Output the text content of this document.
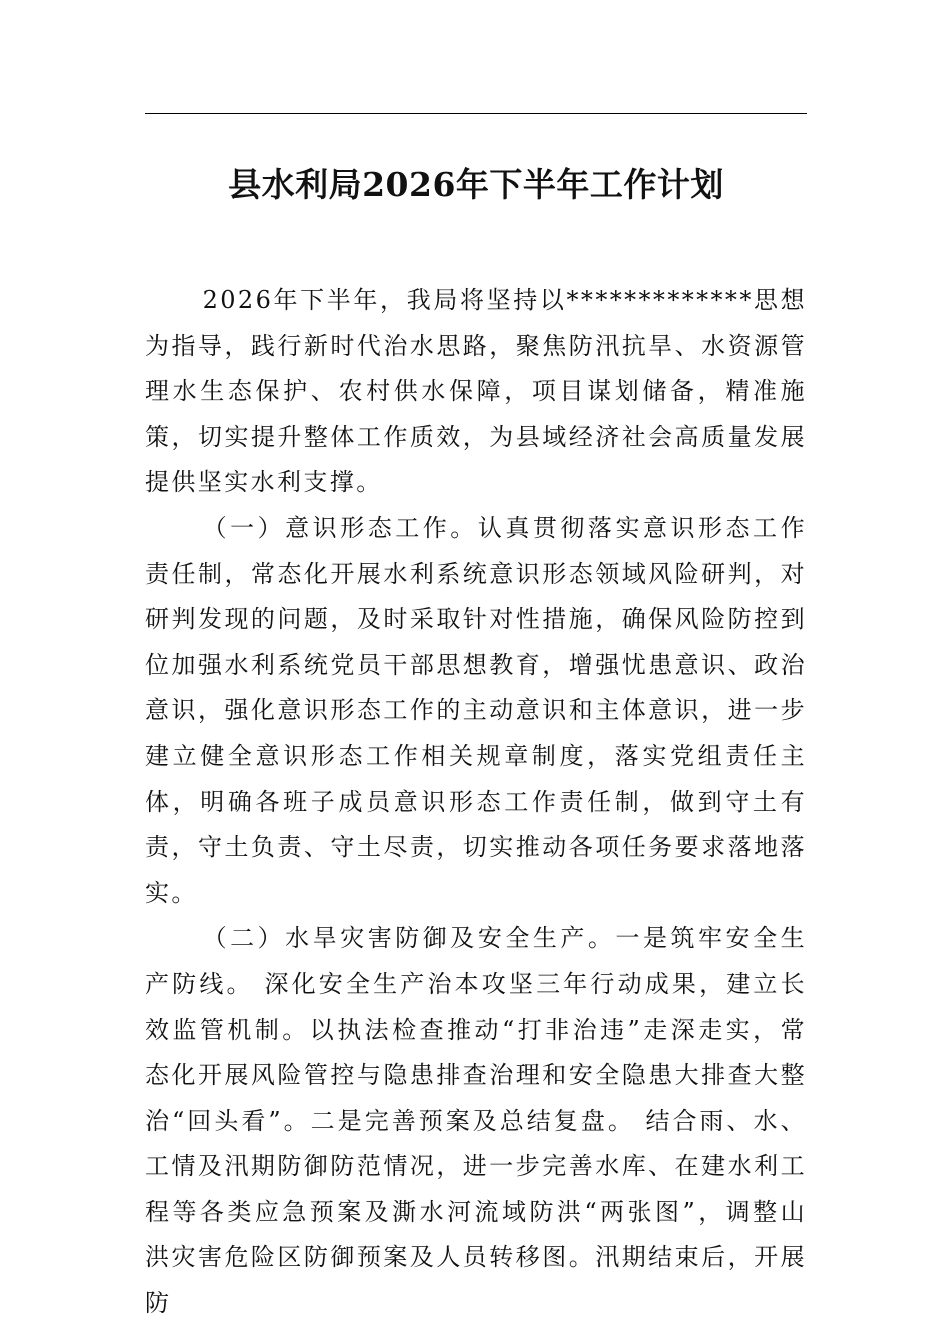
县水利局2026年下半年工作计划

2026年下半年，我局将坚持以*************思想为指导，践行新时代治水思路，聚焦防汛抗旱、水资源管理水生态保护、农村供水保障，项目谋划储备，精准施策，切实提升整体工作质效，为县域经济社会高质量发展提供坚实水利支撑。

（一）意识形态工作。认真贯彻落实意识形态工作责任制，常态化开展水利系统意识形态领域风险研判，对研判发现的问题，及时采取针对性措施，确保风险防控到位加强水利系统党员干部思想教育，增强忧患意识、政治意识，强化意识形态工作的主动意识和主体意识，进一步建立健全意识形态工作相关规章制度，落实党组责任主体，明确各班子成员意识形态工作责任制，做到守土有责，守土负责、守土尽责，切实推动各项任务要求落地落实。

（二）水旱灾害防御及安全生产。一是筑牢安全生产防线。 深化安全生产治本攻坚三年行动成果，建立长效监管机制。以执法检查推动“打非治违”走深走实，常态化开展风险管控与隐患排查治理和安全隐患大排查大整治“回头看”。二是完善预案及总结复盘。 结合雨、水、工情及汛期防御防范情况，进一步完善水库、在建水利工程等各类应急预案及澌水河流域防洪“两张图”，调整山洪灾害危险区防御预案及人员转移图。汛期结束后，开展防
